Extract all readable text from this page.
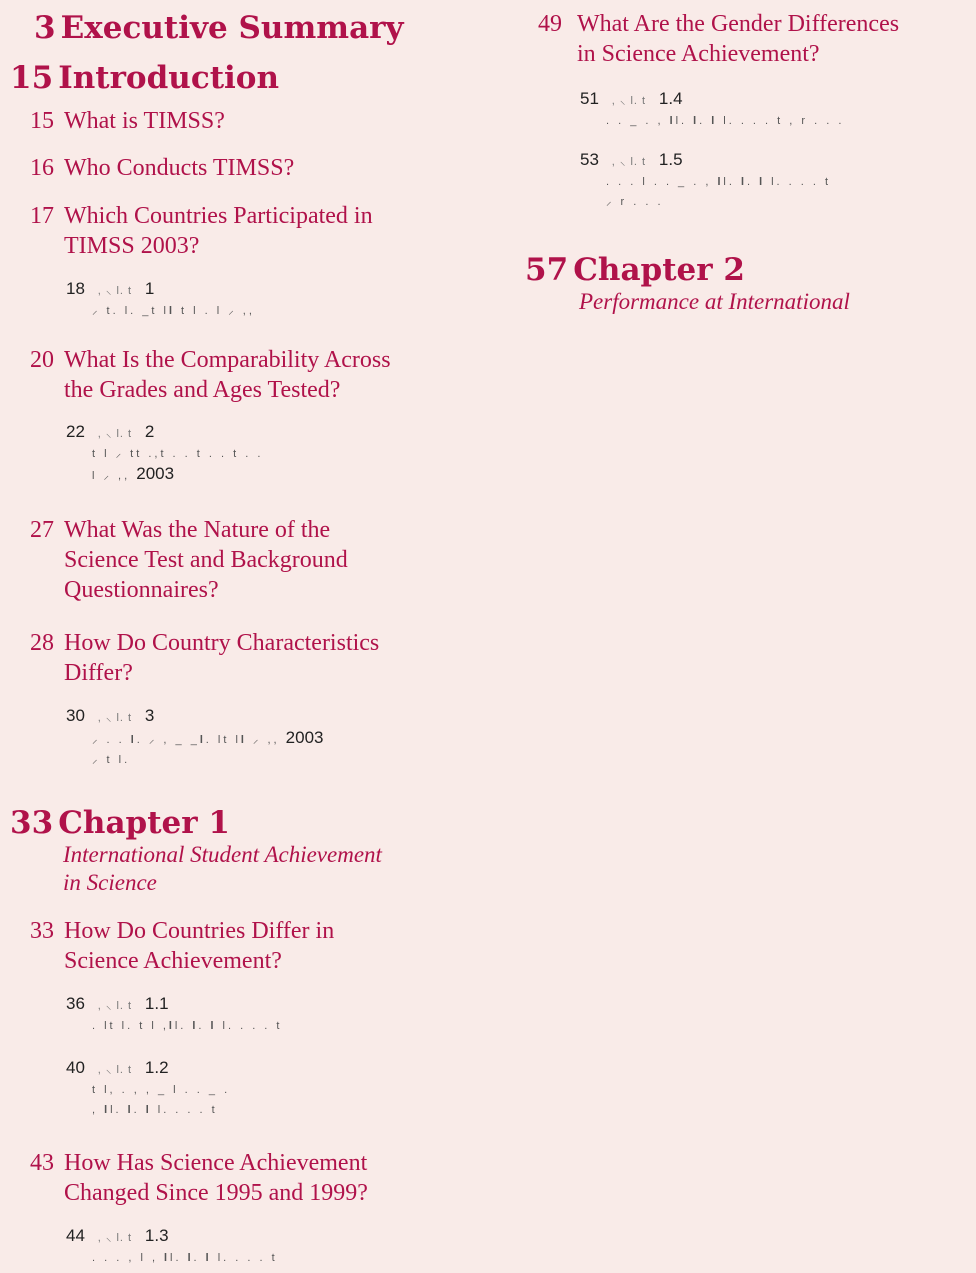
3 Executive Summary
15 Introduction
15 What is TIMSS?
16 Who Conducts TIMSS?
17 Which Countries Participated in
TIMSS 2003?
18 , ⸜ l. t 1
⸝ t. l. _t l𝐥 t l . l ⸝ ,,
20 What Is the Comparability Across
the Grades and Ages Tested?
22 , ⸜ l. t 2
t l ⸝ tt .,t . . t . . t . .
l ⸝ ,, 2003
27 What Was the Nature of the
Science Test and Background
Questionnaires?
28 How Do Country Characteristics
Differ?
30 , ⸜ l. t 3
⸝ . . 𝐥. ⸝ , _ _𝐥. lt l𝐥 ⸝ ,, 2003
⸝ t l.
33 Chapter 1
International Student Achievement
in Science
33 How Do Countries Differ in
Science Achievement?
36 , ⸜ l. t 1.1
. lt l. t l ,𝐥l. 𝐥. 𝐥 l. . . . t
40 , ⸜ l. t 1.2
t l, . , , _ l . . _ .
, 𝐥l. 𝐥. 𝐥 l. . . . t
43 How Has Science Achievement
Changed Since 1995 and 1999?
44 , ⸜ l. t 1.3
. . . , l , 𝐥l. 𝐥. 𝐥 l. . . . t
49 What Are the Gender Differences
in Science Achievement?
51 , ⸜ l. t 1.4
. . _ . , 𝐥l. 𝐥. 𝐥 l. . . . t , r . . .
53 , ⸜ l. t 1.5
. . . l . . _ . , 𝐥l. 𝐥. 𝐥 l. . . . t
⸝ r . . .
57 Chapter 2
Performance at International
